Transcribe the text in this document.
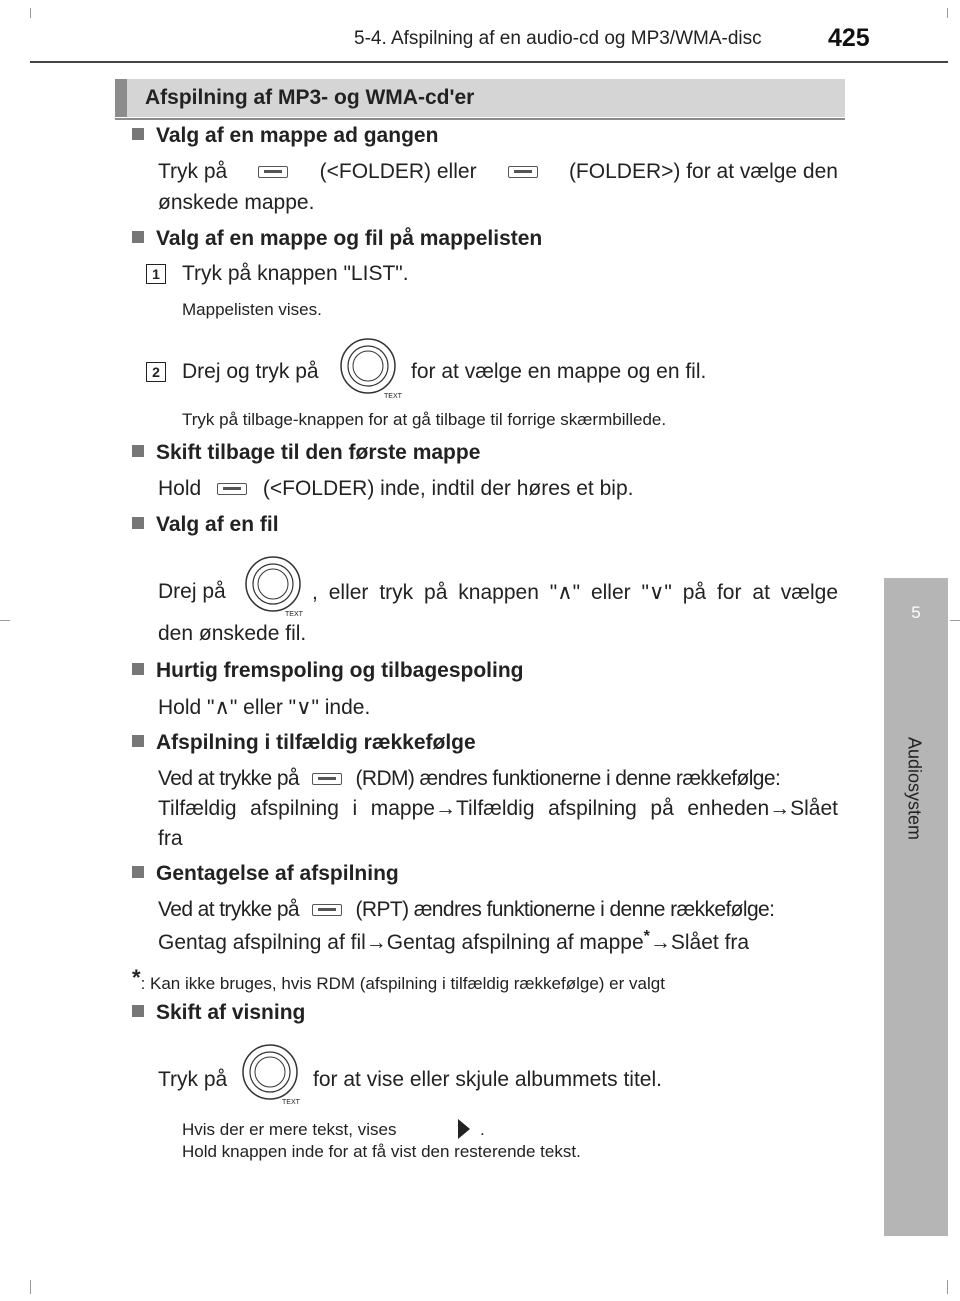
5-4. Afspilning af en audio-cd og MP3/WMA-disc	425
5
Audiosystem
Afspilning af MP3- og WMA-cd'er
Valg af en mappe ad gangen
Tryk på	(<FOLDER) eller	(FOLDER>) for at vælge den
ønskede mappe.
Valg af en mappe og fil på mappelisten
1 Tryk på knappen "LIST".
Mappelisten vises.
2 Drej og tryk på
TEXT
for at vælge en mappe og en fil.
Tryk på tilbage-knappen for at gå tilbage til forrige skærmbillede.
Skift tilbage til den første mappe
Hold	(<FOLDER) inde, indtil der høres et bip.
Valg af en fil
Drej på
TEXT
, eller tryk på knappen "∧" eller "∨" på for at vælge
den ønskede fil.
Hurtig fremspoling og tilbagespoling
Hold "∧" eller "∨" inde.
Afspilning i tilfældig rækkefølge
Ved at trykke på	(RDM) ændres funktionerne i denne rækkefølge:
Tilfældig afspilning i mappe→Tilfældig afspilning på enheden→Slået
fra
Gentagelse af afspilning
Ved at trykke på	(RPT) ændres funktionerne i denne rækkefølge:
Gentag afspilning af fil→Gentag afspilning af mappe*→Slået fra
*: Kan ikke bruges, hvis RDM (afspilning i tilfældig rækkefølge) er valgt
Skift af visning
Tryk på
TEXT
for at vise eller skjule albummets titel.
Hvis der er mere tekst, vises	.
Hold knappen inde for at få vist den resterende tekst.
